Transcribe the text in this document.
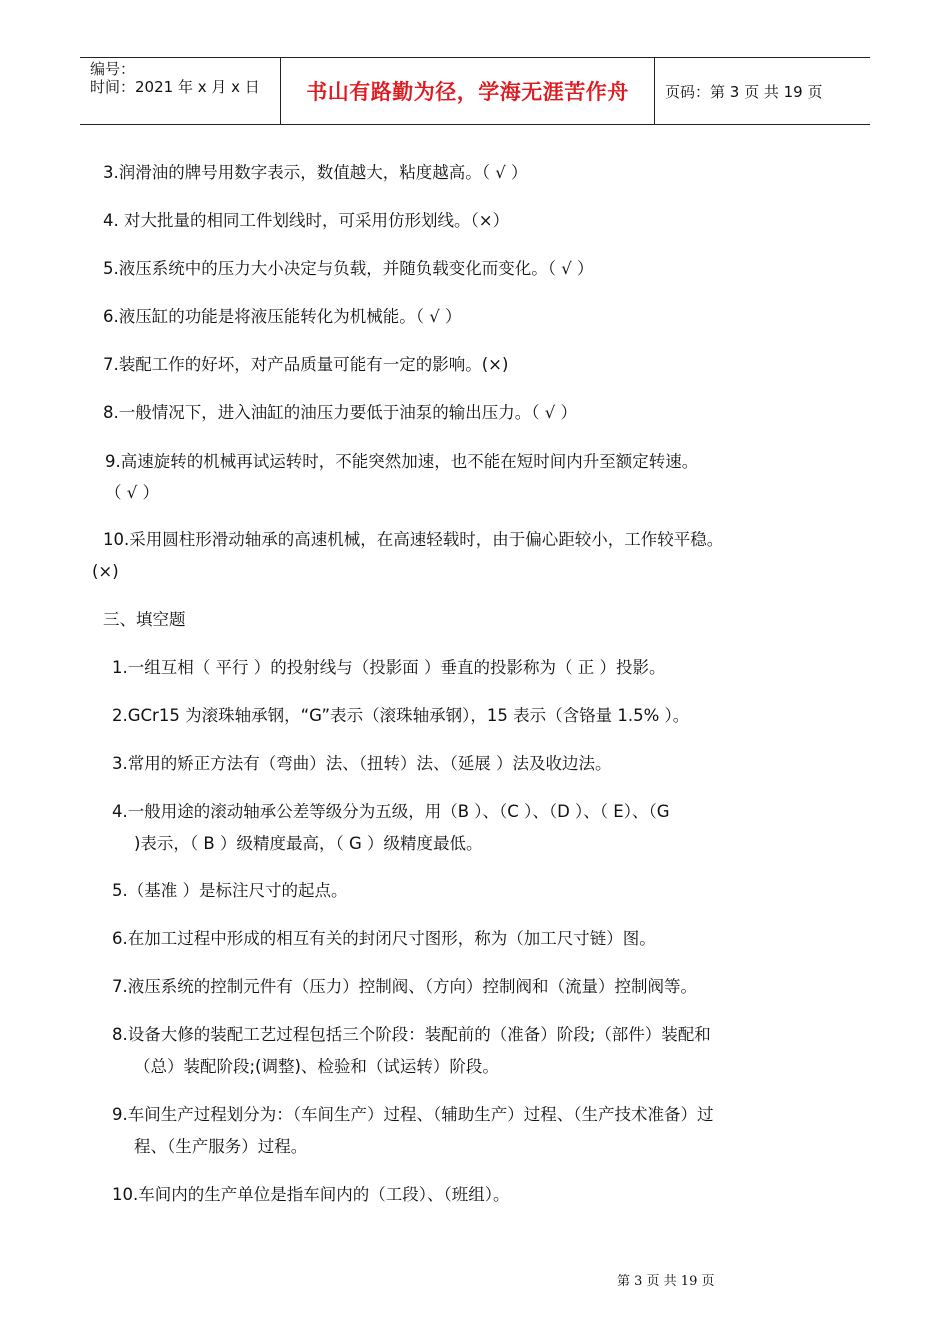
编号：
时间：2021 年 x 月 x 日	书山有路勤为径，学海无涯苦作舟 页码：第 3 页 共 19 页
3.润滑油的牌号用数字表示，数值越大，粘度越高。（ √ ）
4. 对大批量的相同工件划线时，可采用仿形划线。（×）
5.液压系统中的压力大小决定与负载，并随负载变化而变化。（ √ ）
6.液压缸的功能是将液压能转化为机械能。（ √ ）
7.装配工作的好坏，对产品质量可能有一定的影响。(×)
8.一般情况下，进入油缸的油压力要低于油泵的输出压力。（ √ ）
9.高速旋转的机械再试运转时，不能突然加速，也不能在短时间内升至额定转速。
（ √ ）
10.采用圆柱形滑动轴承的高速机械，在高速轻载时，由于偏心距较小，工作较平稳。
(×)
三、填空题
1.一组互相（ 平行 ）的投射线与（投影面 ）垂直的投影称为（ 正 ）投影。
2.GCr15 为滚珠轴承钢，“G”表示（滚珠轴承钢），15 表示（含铬量 1.5% ）。
3.常用的矫正方法有（弯曲）法、（扭转）法、（延展 ）法及收边法。
4.一般用途的滚动轴承公差等级分为五级，用（B ）、（C ）、（D ）、（ E）、（G
)表示，（ B ）级精度最高，（ G ）级精度最低。
5.（基准 ）是标注尺寸的起点。
6.在加工过程中形成的相互有关的封闭尺寸图形，称为（加工尺寸链）图。
7.液压系统的控制元件有（压力）控制阀、（方向）控制阀和（流量）控制阀等。
8.设备大修的装配工艺过程包括三个阶段：装配前的（准备）阶段;（部件）装配和
（总）装配阶段;(调整)、检验和（试运转）阶段。
9.车间生产过程划分为：（车间生产）过程、（辅助生产）过程、（生产技术准备）过
程、（生产服务）过程。
10.车间内的生产单位是指车间内的（工段）、（班组）。
第 3 页 共 19 页
